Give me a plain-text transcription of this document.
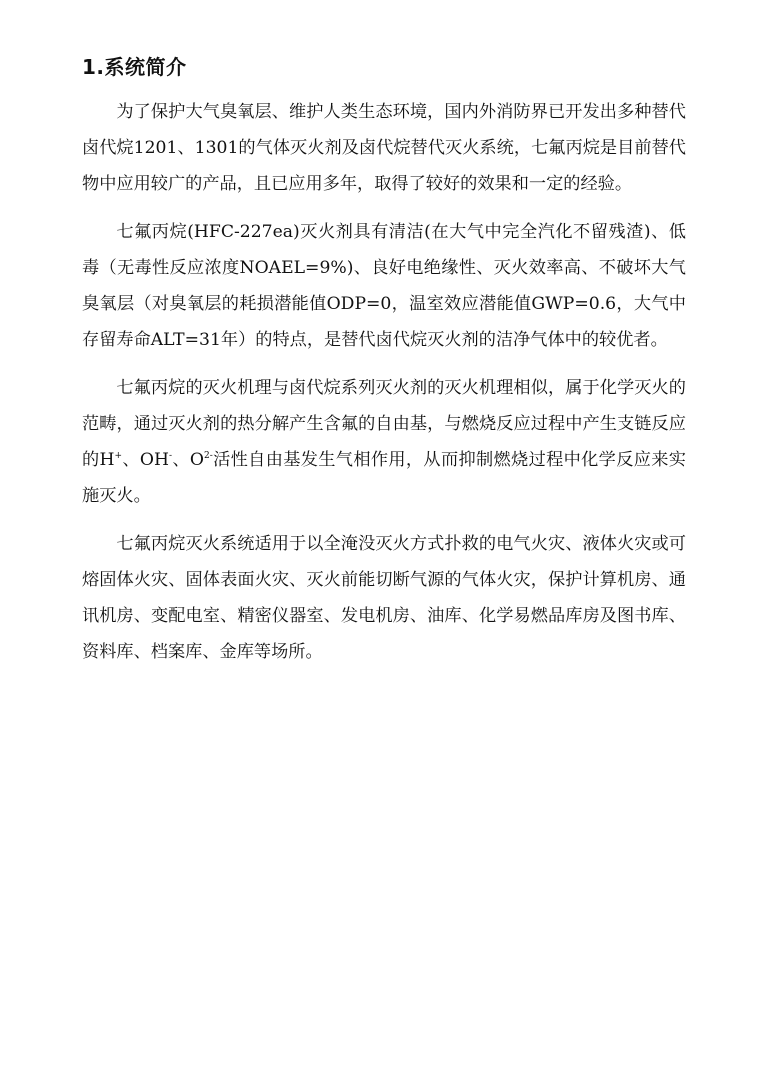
1.系统简介

为了保护大气臭氧层、维护人类生态环境，国内外消防界已开发出多种替代卤代烷1201、1301的气体灭火剂及卤代烷替代灭火系统，七氟丙烷是目前替代物中应用较广的产品，且已应用多年，取得了较好的效果和一定的经验。

七氟丙烷(HFC-227ea)灭火剂具有清洁(在大气中完全汽化不留残渣)、低毒（无毒性反应浓度NOAEL=9%)、良好电绝缘性、灭火效率高、不破坏大气臭氧层（对臭氧层的耗损潜能值ODP=0，温室效应潜能值GWP=0.6，大气中存留寿命ALT=31年）的特点，是替代卤代烷灭火剂的洁净气体中的较优者。

七氟丙烷的灭火机理与卤代烷系列灭火剂的灭火机理相似，属于化学灭火的范畴，通过灭火剂的热分解产生含氟的自由基，与燃烧反应过程中产生支链反应的H+、OH-、$O^{2-}$活性自由基发生气相作用，从而抑制燃烧过程中化学反应来实施灭火。

七氟丙烷灭火系统适用于以全淹没灭火方式扑救的电气火灾、液体火灾或可熔固体火灾、固体表面火灾、灭火前能切断气源的气体火灾，保护计算机房、通讯机房、变配电室、精密仪器室、发电机房、油库、化学易燃品库房及图书库、资料库、档案库、金库等场所。
